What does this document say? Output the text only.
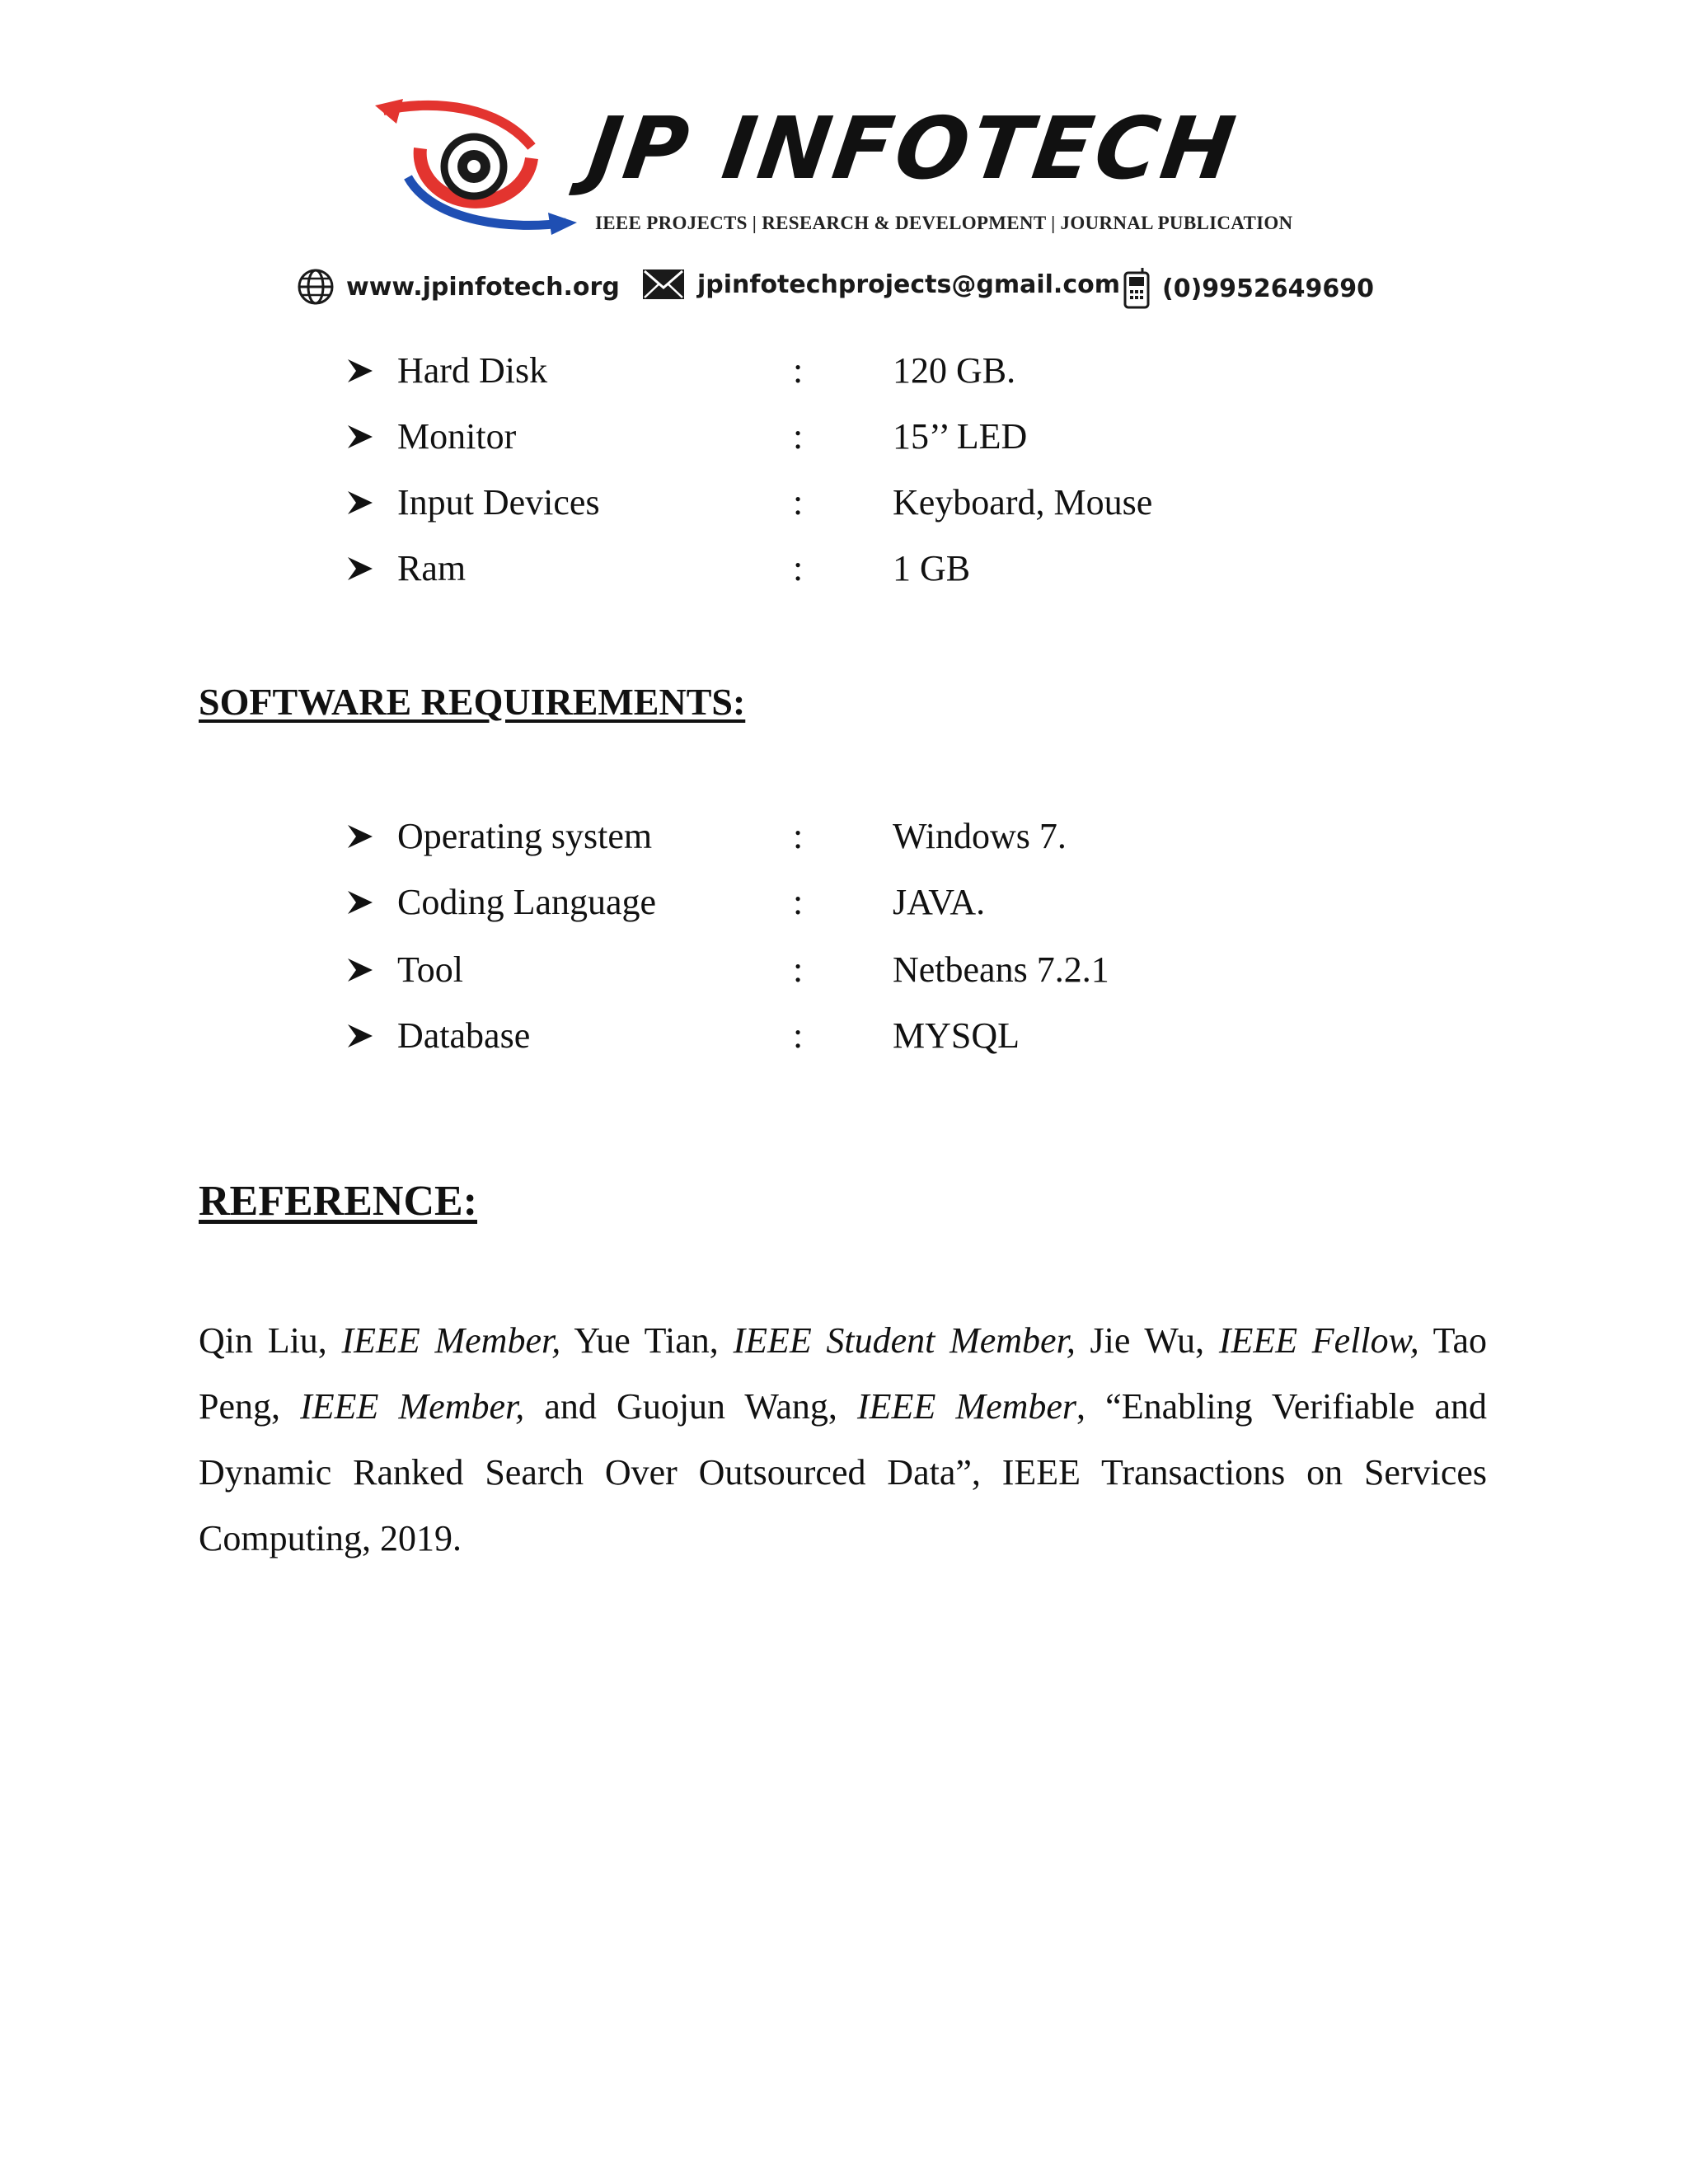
JP INFOTECH
IEEE PROJECTS | RESEARCH & DEVELOPMENT | JOURNAL PUBLICATION
www.jpinfotech.org	jpinfotechprojects@gmail.com (0)9952649690
Hard Disk	: 120 GB.
Monitor	: 15’’ LED
Input Devices	: Keyboard, Mouse
Ram	: 1 GB
SOFTWARE REQUIREMENTS:
Operating system	: Windows 7.
Coding Language	: JAVA.
Tool	: Netbeans 7.2.1
Database	: MYSQL
REFERENCE:

Qin Liu, IEEE Member, Yue Tian, IEEE Student Member, Jie Wu, IEEE Fellow, Tao Peng, IEEE Member, and Guojun Wang, IEEE Member, “Enabling Verifiable and Dynamic Ranked Search Over Outsourced Data”, IEEE Transactions on Services Computing, 2019.
